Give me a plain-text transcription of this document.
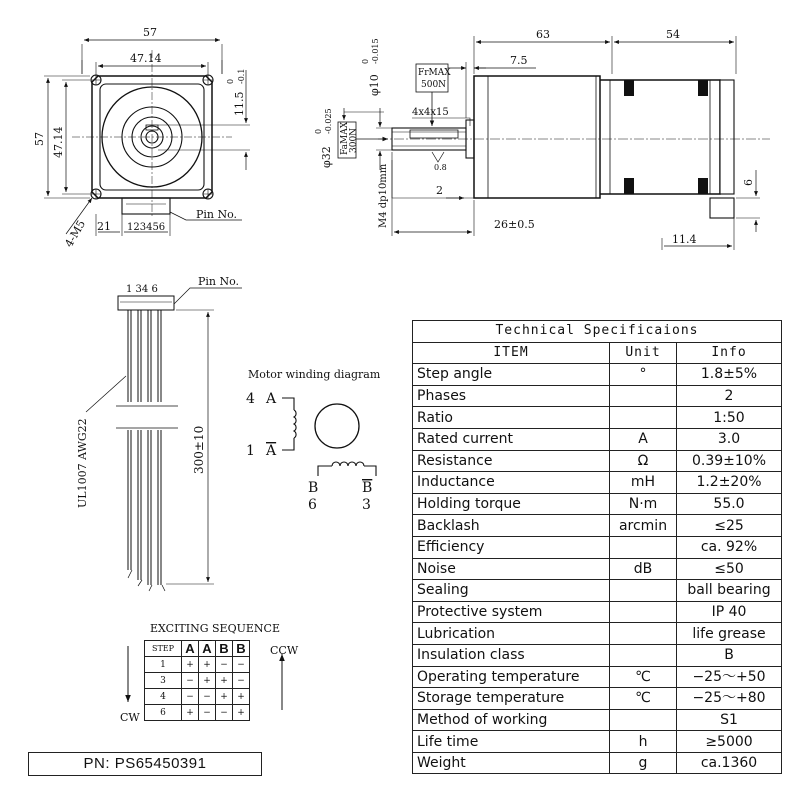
57
47.14
57 47.14
11.5
0 -0.1
4-M5 21 123456
Pin No.
63	54
7.5
φ10
0 -0.015
FrMAX
500N
FaMAX 300N
4x4x15
φ32
0 -0.025
0.8
M4 dp10mm	2
26±0.5
6
11.4
Pin No.
1 34 6
UL1007 AWG22	300±10
Motor winding diagram
4 A
1 A
B
6
B
3
EXCITING SEQUENCE
CCW
CW
STEP	A	$\overline{A}$	B	$\overline{B}$
1	+	+	−	−
3	−	+	+	−
4	−	−	+	+
6	+	−	−	+
PN: PS65450391
Technical Specificaions		
ITEM	Unit	Info
Step angle	°	1.8±5%
Phases		2
Ratio		1:50
Rated current	A	3.0
Resistance	Ω	0.39±10%
Inductance	mH	1.2±20%
Holding torque	N·m	55.0
Backlash	arcmin	≤25
Efficiency		ca. 92%
Noise	dB	≤50
Sealing		ball bearing
Protective system		IP 40
Lubrication		life grease
Insulation class		B
Operating temperature	℃	−25〜+50
Storage temperature	℃	−25〜+80
Method of working		S1
Life time	h	≥5000
Weight	g	ca.1360
